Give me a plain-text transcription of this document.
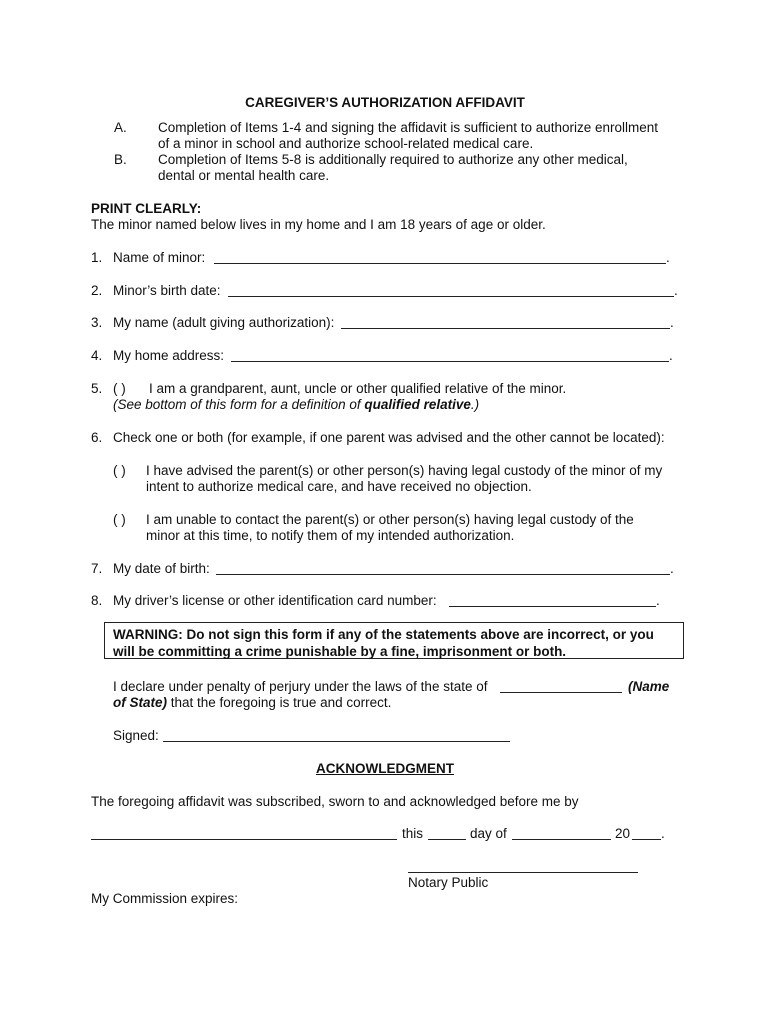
CAREGIVER’S AUTHORIZATION AFFIDAVIT
A. Completion of Items 1-4 and signing the affidavit is sufficient to authorize enrollment
of a minor in school and authorize school-related medical care.
B. Completion of Items 5-8 is additionally required to authorize any other medical,
dental or mental health care.
PRINT CLEARLY:
The minor named below lives in my home and I am 18 years of age or older.
1. Name of minor:	.
2. Minor’s birth date:	.
3. My name (adult giving authorization):	.
4. My home address:	.
5. ( ) I am a grandparent, aunt, uncle or other qualified relative of the minor.
(See bottom of this form for a definition of qualified relative.)
6. Check one or both (for example, if one parent was advised and the other cannot be located):
( ) I have advised the parent(s) or other person(s) having legal custody of the minor of my
intent to authorize medical care, and have received no objection.
( ) I am unable to contact the parent(s) or other person(s) having legal custody of the
minor at this time, to notify them of my intended authorization.
7. My date of birth:	.
8. My driver’s license or other identification card number:	.
WARNING: Do not sign this form if any of the statements above are incorrect, or you
will be committing a crime punishable by a fine, imprisonment or both.
I declare under penalty of perjury under the laws of the state of	(Name
of State) that the foregoing is true and correct.
Signed:
ACKNOWLEDGMENT
The foregoing affidavit was subscribed, sworn to and acknowledged before me by
this	day of	20 .
Notary Public
My Commission expires:
